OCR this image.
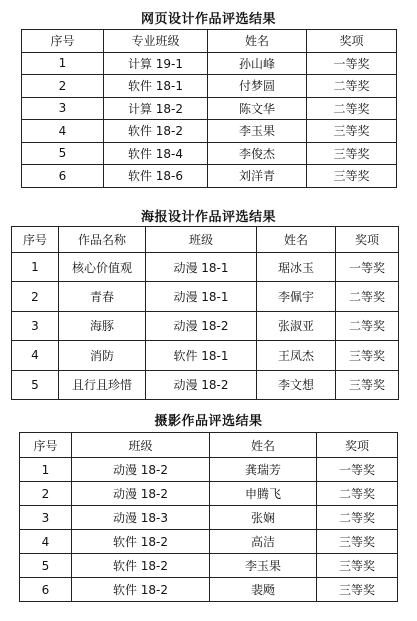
网页设计作品评选结果
序号	专业班级	姓名	奖项
1	计算 19-1	孙山峰	一等奖
2	软件 18-1	付梦圆	二等奖
3	计算 18-2	陈文华	二等奖
4	软件 18-2	李玉果	三等奖
5	软件 18-4	李俊杰	三等奖
6	软件 18-6	刘洋青	三等奖
海报设计作品评选结果
序号	作品名称	班级	姓名	奖项
1	核心价值观	动漫 18-1	琚冰玉	一等奖
2	青春	动漫 18-1	李佩宇	二等奖
3	海豚	动漫 18-2	张淑亚	二等奖
4	消防	软件 18-1	王凤杰	三等奖
5	且行且珍惜	动漫 18-2	李文想	三等奖
摄影作品评选结果
序号	班级	姓名	奖项
1	动漫 18-2	龚瑞芳	一等奖
2	动漫 18-2	申腾飞	二等奖
3	动漫 18-3	张娴	二等奖
4	软件 18-2	高洁	三等奖
5	软件 18-2	李玉果	三等奖
6	软件 18-2	裴飏	三等奖
